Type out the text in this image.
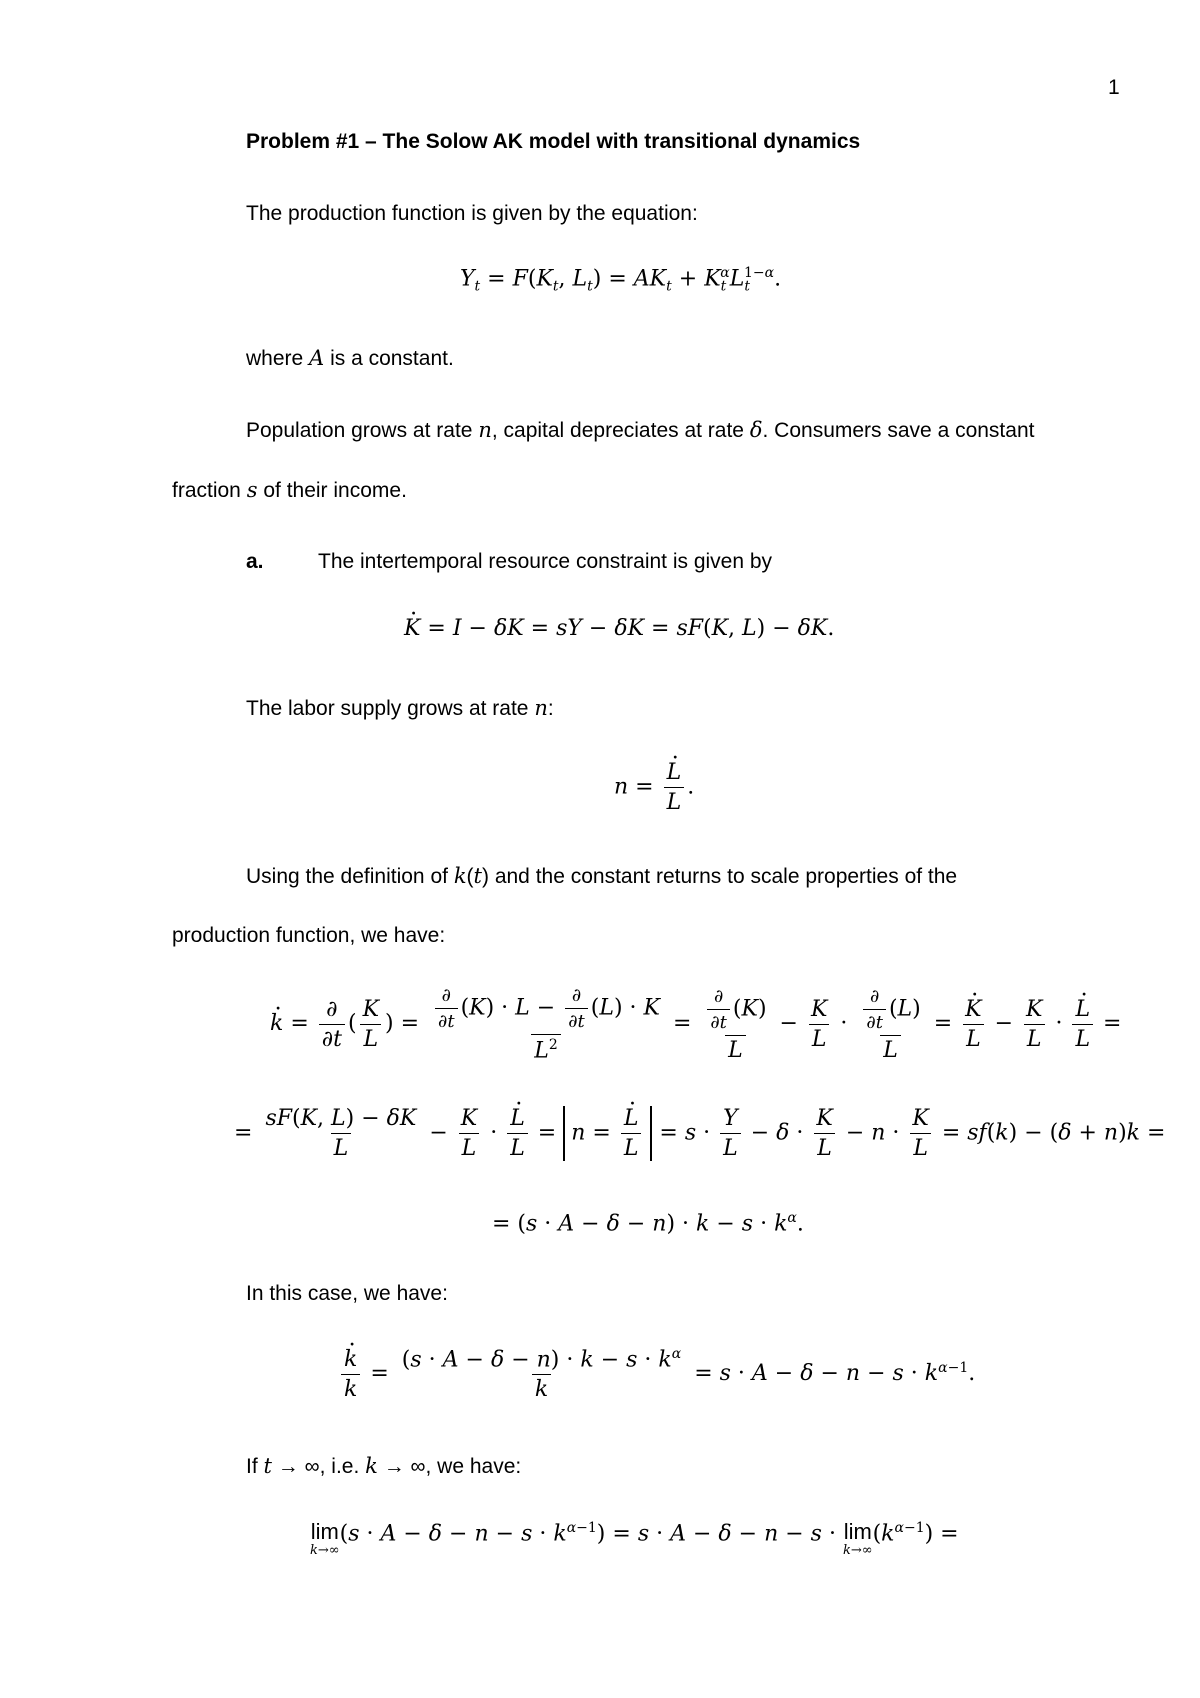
1
Problem #1 – The Solow AK model with transitional dynamics
The production function is given by the equation:
$Y_t = F(K_t$, $L_t) = AK_t + K_t^\alpha L_t^{1-\alpha}$.
where A is a constant.
Population grows at rate n, capital depreciates at rate δ. Consumers save a constant
fraction s of their income.
a.	The intertemporal resource constraint is given by
· K = I − δK = sY − δK = sF(K, L) − δK.
The labor supply grows at rate n:
n = · $\frac{L}{L}$ .
Using the definition of k(t) and the constant returns to scale properties of the
production function, we have:
· $k = \frac{\partial}{\partial t}$ ( $\frac{K}{L}$ ) = $\frac{\frac{\partial}{\partial t} (K) \cdot L - \frac{\partial}{\partial t} (L) \cdot K}{L^2} = \frac{\frac{\partial}{\partial t} (K)}{L} - \frac{K}{L} \cdot \frac{\frac{\partial}{\partial t} (L)}{L}$ = · $\frac{K}{L} - \frac{K}{L}$ · · $\frac{L}{L}$ =
= $\frac{sF(K, L) - \delta K}{L} - \frac{K}{L}$ · · $\frac{L}{L} = n$ = · $\frac{L}{L} = s \cdot \frac{Y}{L} - \delta \cdot \frac{K}{L} - n \cdot \frac{K}{L} = sf(k) - (\delta + n)k$ =
= $(s \cdot A - \delta - n) \cdot k - s \cdot k^\alpha$.
In this case, we have:
· $\frac{k}{k} = \frac{(s \cdot A - \delta - n) \cdot k - s \cdot k^\alpha}{k} = s \cdot A - \delta - n - s \cdot k^{\alpha-1}$.
If t → ∞, i.e. k → ∞, we have:
lim
k→∞
$(s \cdot A - \delta - n - s \cdot k^{\alpha-1}) = s \cdot A - \delta - n - s \cdot \lim$
k→∞
$(k^{\alpha-1})$ =
